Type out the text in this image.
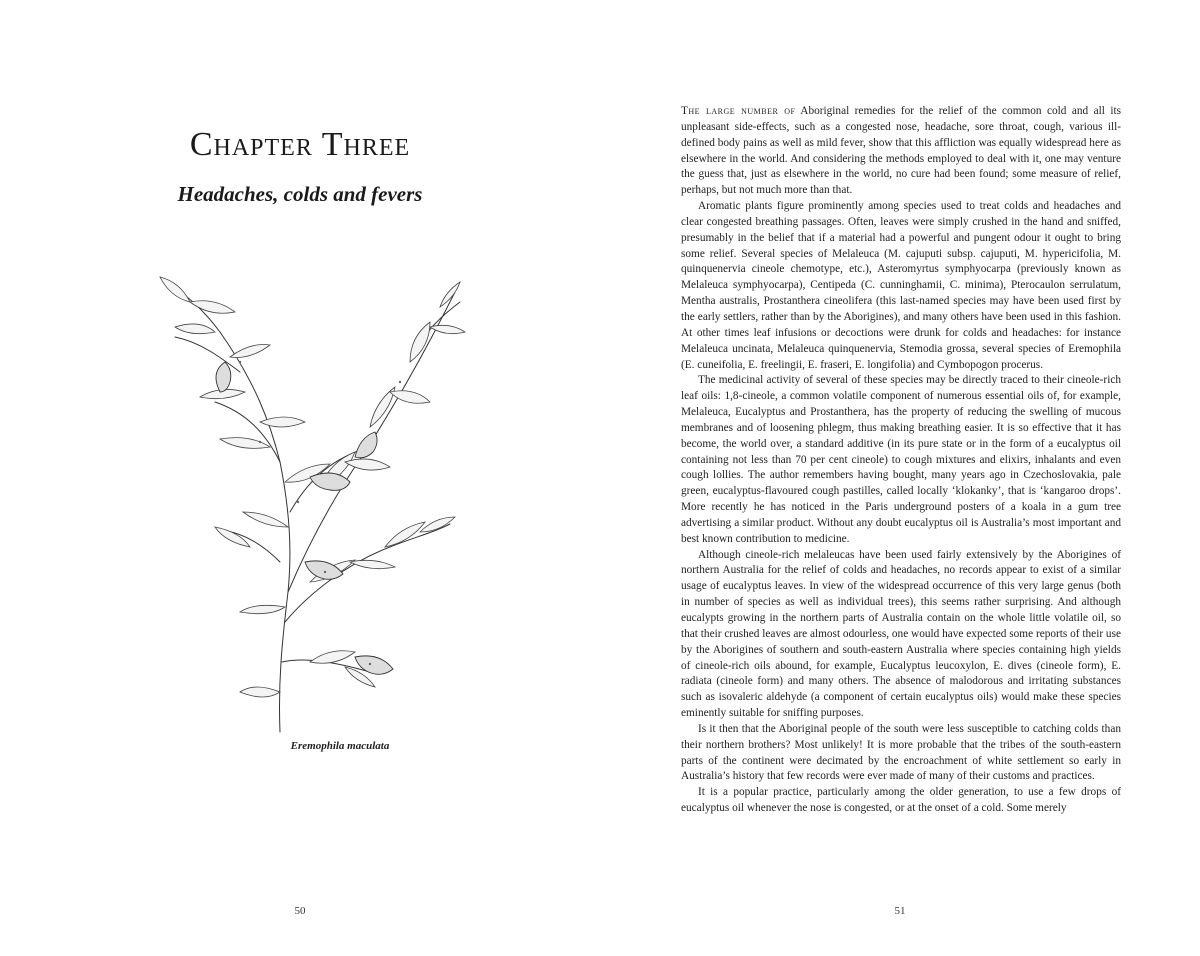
Chapter Three
Headaches, colds and fevers
Eremophila maculata
50

The large number of Aboriginal remedies for the relief of the common cold and all its unpleasant side-effects, such as a congested nose, headache, sore throat, cough, various ill-defined body pains as well as mild fever, show that this affliction was equally widespread here as elsewhere in the world. And considering the methods employed to deal with it, one may venture the guess that, just as elsewhere in the world, no cure had been found; some measure of relief, perhaps, but not much more than that.

Aromatic plants figure prominently among species used to treat colds and headaches and clear congested breathing passages. Often, leaves were simply crushed in the hand and sniffed, presumably in the belief that if a material had a powerful and pungent odour it ought to bring some relief. Several species of Melaleuca (M. cajuputi subsp. cajuputi, M. hypericifolia, M. quinquenervia cineole chemotype, etc.), Asteromyrtus symphyocarpa (previously known as Melaleuca symphyocarpa), Centipeda (C. cunninghamii, C. minima), Pterocaulon serrulatum, Mentha australis, Prostanthera cineolifera (this last-named species may have been used first by the early settlers, rather than by the Aborigines), and many others have been used in this fashion. At other times leaf infusions or decoctions were drunk for colds and headaches: for instance Melaleuca uncinata, Melaleuca quinquenervia, Stemodia grossa, several species of Eremophila (E. cuneifolia, E. freelingii, E. fraseri, E. longifolia) and Cymbopogon procerus.

The medicinal activity of several of these species may be directly traced to their cineole-rich leaf oils: 1,8-cineole, a common volatile component of numerous essential oils of, for example, Melaleuca, Eucalyptus and Prostanthera, has the property of reducing the swelling of mucous membranes and of loosening phlegm, thus making breathing easier. It is so effective that it has become, the world over, a standard additive (in its pure state or in the form of a eucalyptus oil containing not less than 70 per cent cineole) to cough mixtures and elixirs, inhalants and even cough lollies. The author remembers having bought, many years ago in Czechoslovakia, pale green, eucalyptus-flavoured cough pastilles, called locally ‘klokanky’, that is ‘kangaroo drops’. More recently he has noticed in the Paris underground posters of a koala in a gum tree advertising a similar product. Without any doubt eucalyptus oil is Australia’s most important and best known contribution to medicine.

Although cineole-rich melaleucas have been used fairly extensively by the Aborigines of northern Australia for the relief of colds and headaches, no records appear to exist of a similar usage of eucalyptus leaves. In view of the widespread occurrence of this very large genus (both in number of species as well as individual trees), this seems rather surprising. And although eucalypts growing in the northern parts of Australia contain on the whole little volatile oil, so that their crushed leaves are almost odourless, one would have expected some reports of their use by the Aborigines of southern and south-eastern Australia where species containing high yields of cineole-rich oils abound, for example, Eucalyptus leucoxylon, E. dives (cineole form), E. radiata (cineole form) and many others. The absence of malodorous and irritating substances such as isovaleric aldehyde (a component of certain eucalyptus oils) would make these species eminently suitable for sniffing purposes.

Is it then that the Aboriginal people of the south were less susceptible to catching colds than their northern brothers? Most unlikely! It is more probable that the tribes of the south-eastern parts of the continent were decimated by the encroachment of white settlement so early in Australia’s history that few records were ever made of many of their customs and practices.

It is a popular practice, particularly among the older generation, to use a few drops of eucalyptus oil whenever the nose is congested, or at the onset of a cold. Some merely

51
